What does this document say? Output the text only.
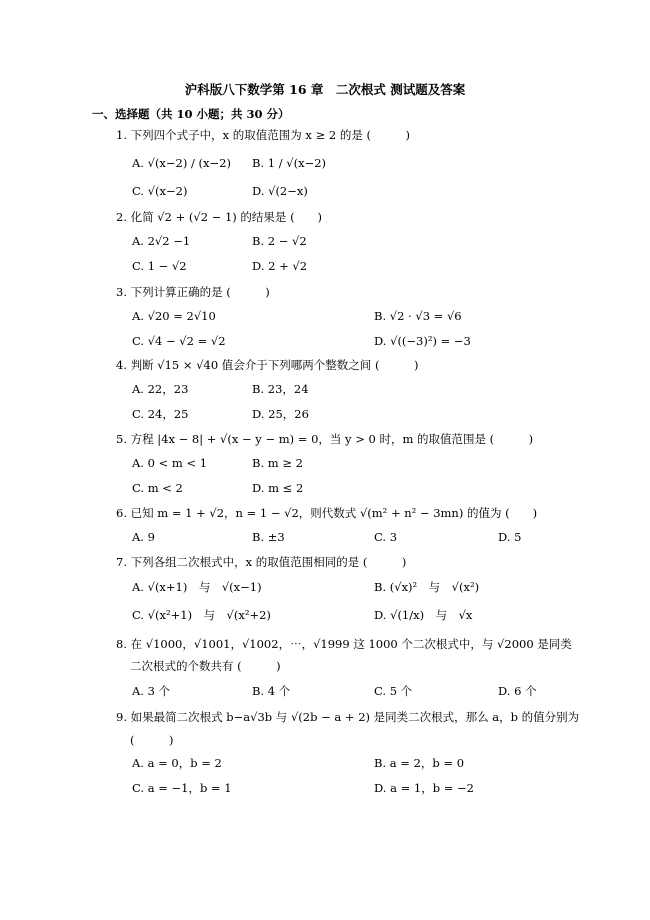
沪科版八下数学第 16 章　二次根式 测试题及答案
一、选择题（共 10 小题；共 30 分）
1. 下列四个式子中，x 的取值范围为 x ≥ 2 的是 (　　　)
A. √(x−2) / (x−2) B. 1 / √(x−2)
C. √(x−2)	D. √(2−x)
2. 化简 √2 + (√2 − 1) 的结果是 (　　)
A. 2√2 −1	B. 2 − √2
C. 1 − √2	D. 2 + √2
3. 下列计算正确的是 (　　　)
A. √20 = 2√10	B. √2 · √3 = √6
C. √4 − √2 = √2	D. √((−3)²) = −3
4. 判断 √15 × √40 值会介于下列哪两个整数之间 (　　　)
A. 22，23	B. 23，24
C. 24，25	D. 25，26
5. 方程 |4x − 8| + √(x − y − m) = 0，当 y > 0 时，m 的取值范围是 (　　　)
A. 0 < m < 1	B. m ≥ 2
C. m < 2	D. m ≤ 2
6. 已知 m = 1 + √2，n = 1 − √2，则代数式 √(m² + n² − 3mn) 的值为 (　　)
A. 9	B. ±3	C. 3	D. 5
7. 下列各组二次根式中，x 的取值范围相同的是 (　　　)
A. √(x+1)　与　√(x−1)	B. (√x)²　与　√(x²)
C. √(x²+1)　与　√(x²+2)	D. √(1/x)　与　√x
8. 在 √1000，√1001，√1002，⋯，√1999 这 1000 个二次根式中，与 √2000 是同类
二次根式的个数共有 (　　　)
A. 3 个	B. 4 个	C. 5 个	D. 6 个
9. 如果最简二次根式 b−a√3b 与 √(2b − a + 2) 是同类二次根式，那么 a，b 的值分别为
(　　　)
A. a = 0，b = 2	B. a = 2，b = 0
C. a = −1，b = 1	D. a = 1，b = −2
